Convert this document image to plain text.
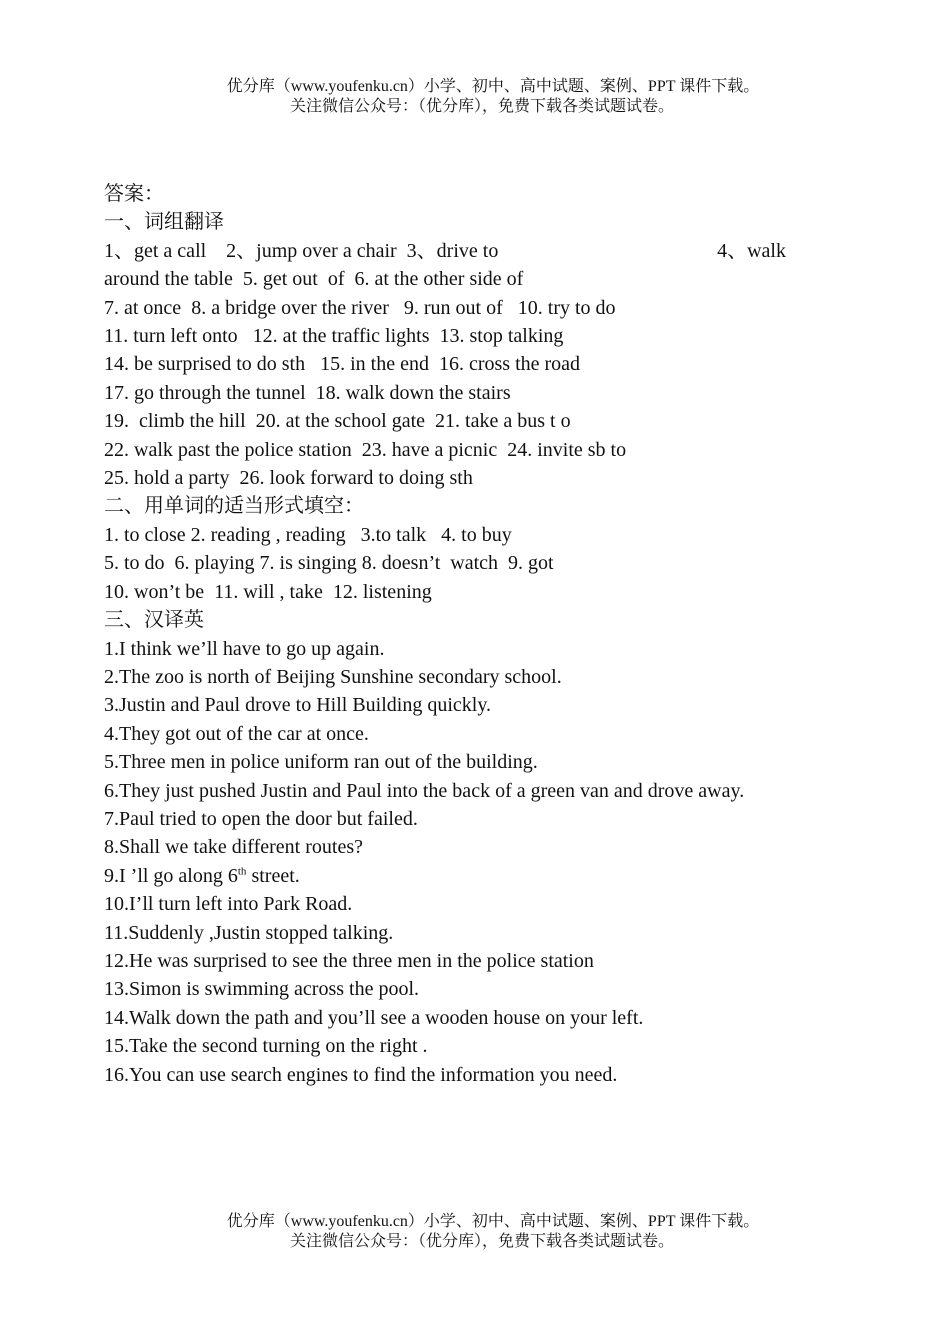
优分库（www.youfenku.cn）小学、初中、高中试题、案例、PPT 课件下载。
关注微信公众号：（优分库），免费下载各类试题试卷。
答案：
一、词组翻译
1、get a call    2、jump over a chair  3、drive to	4、walk
around the table  5. get out  of  6. at the other side of
7. at once  8. a bridge over the river   9. run out of   10. try to do
11. turn left onto   12. at the traffic lights  13. stop talking
14. be surprised to do sth   15. in the end  16. cross the road
17. go through the tunnel  18. walk down the stairs
19.  climb the hill  20. at the school gate  21. take a bus t o
22. walk past the police station  23. have a picnic  24. invite sb to
25. hold a party  26. look forward to doing sth
二、用单词的适当形式填空：
1. to close 2. reading , reading   3.to talk   4. to buy
5. to do  6. playing 7. is singing 8. doesn’t  watch  9. got
10. won’t be  11. will , take  12. listening
三、汉译英
1.I think we’ll have to go up again.
2.The zoo is north of Beijing Sunshine secondary school.
3.Justin and Paul drove to Hill Building quickly.
4.They got out of the car at once.
5.Three men in police uniform ran out of the building.
6.They just pushed Justin and Paul into the back of a green van and drove away.
7.Paul tried to open the door but failed.
8.Shall we take different routes?
9.I ’ll go along 6th street.
10.I’ll turn left into Park Road.
11.Suddenly ,Justin stopped talking.
12.He was surprised to see the three men in the police station
13.Simon is swimming across the pool.
14.Walk down the path and you’ll see a wooden house on your left.
15.Take the second turning on the right .
16.You can use search engines to find the information you need.
优分库（www.youfenku.cn）小学、初中、高中试题、案例、PPT 课件下载。
关注微信公众号：（优分库），免费下载各类试题试卷。
